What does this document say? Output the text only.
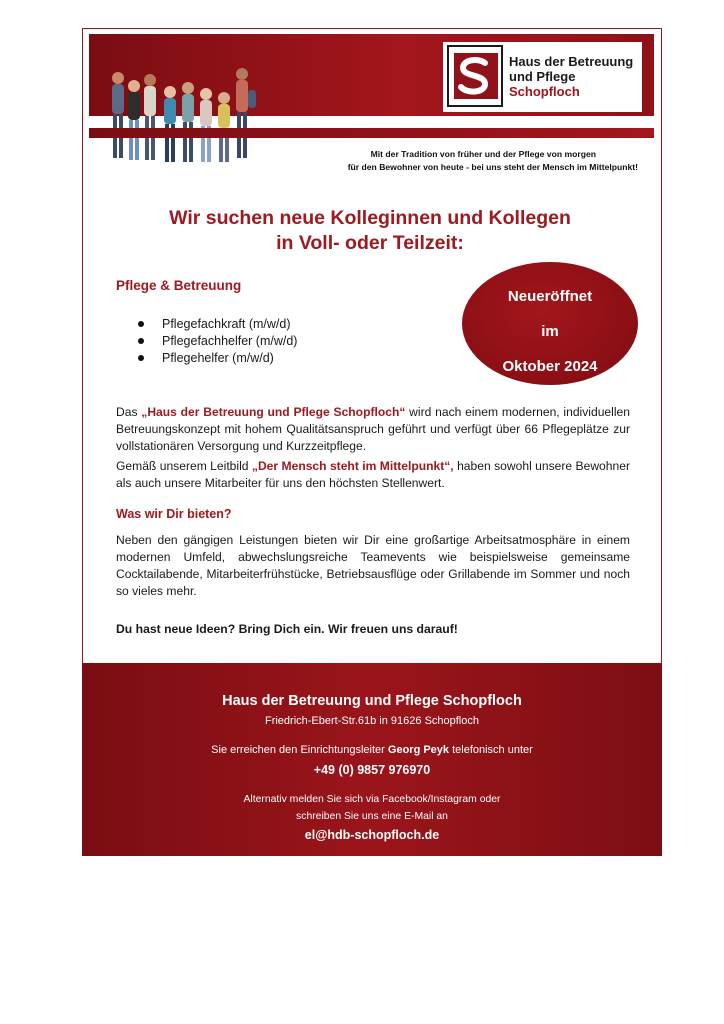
Haus der Betreuung
und Pflege
Schopfloch
Mit der Tradition von früher und der Pflege von morgen
für den Bewohner von heute - bei uns steht der Mensch im Mittelpunkt!
Wir suchen neue Kolleginnen und Kollegen
in Voll- oder Teilzeit:
Pflege & Betreuung
Pflegefachkraft (m/w/d)
Pflegefachhelfer (m/w/d)
Pflegehelfer (m/w/d)
Neueröffnet
im
Oktober 2024

Das „Haus der Betreuung und Pflege Schopfloch“ wird nach einem modernen, individuellen Betreuungskonzept mit hohem Qualitätsanspruch geführt und verfügt über 66 Pflegeplätze zur vollstationären Versorgung und Kurzzeitpflege.

Gemäß unserem Leitbild „Der Mensch steht im Mittelpunkt“, haben sowohl unsere Bewohner als auch unsere Mitarbeiter für uns den höchsten Stellenwert.

Was wir Dir bieten?

Neben den gängigen Leistungen bieten wir Dir eine großartige Arbeitsatmosphäre in einem modernen Umfeld, abwechslungsreiche Teamevents wie beispielsweise gemeinsame Cocktailabende, Mitarbeiterfrühstücke, Betriebsausflüge oder Grillabende im Sommer und noch so vieles mehr.

Du hast neue Ideen? Bring Dich ein. Wir freuen uns darauf!
Haus der Betreuung und Pflege Schopfloch
Friedrich-Ebert-Str.61b in 91626 Schopfloch
Sie erreichen den Einrichtungsleiter Georg Peyk telefonisch unter
+49 (0) 9857 976970
Alternativ melden Sie sich via Facebook/Instagram oder
schreiben Sie uns eine E-Mail an
el@hdb-schopfloch.de
